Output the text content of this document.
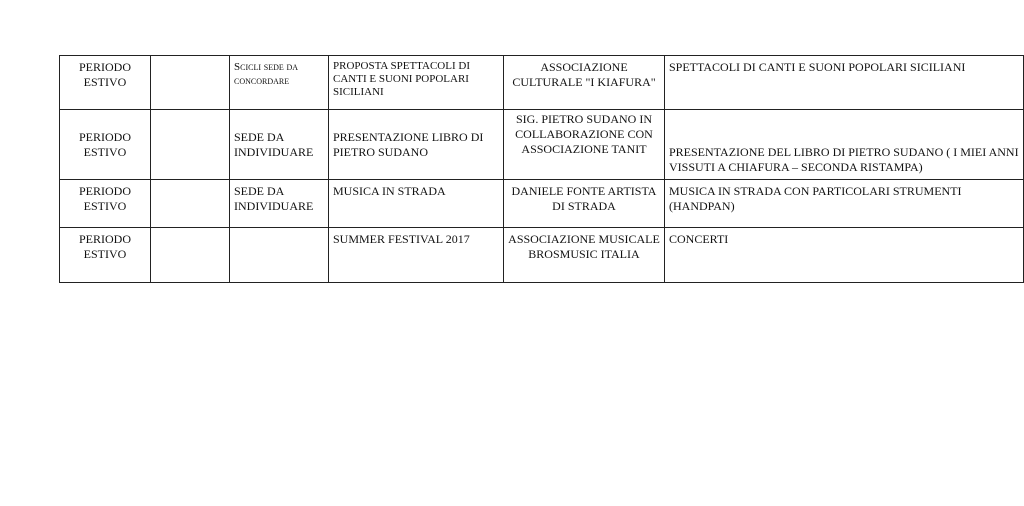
PERIODO ESTIVO		Scicli sede da concordare	PROPOSTA SPETTACOLI DI CANTI E SUONI POPOLARI SICILIANI	ASSOCIAZIONE CULTURALE "I KIAFURA"	SPETTACOLI DI CANTI E SUONI POPOLARI SICILIANI
PERIODO ESTIVO		SEDE DA INDIVIDUARE	PRESENTAZIONE LIBRO DI PIETRO SUDANO	SIG. PIETRO SUDANO IN COLLABORAZIONE CON ASSOCIAZIONE TANIT	PRESENTAZIONE DEL LIBRO DI PIETRO SUDANO ( I MIEI ANNI VISSUTI A CHIAFURA – SECONDA RISTAMPA)
PERIODO ESTIVO		SEDE DA INDIVIDUARE	MUSICA IN STRADA	DANIELE FONTE ARTISTA DI STRADA	MUSICA IN STRADA CON PARTICOLARI STRUMENTI (HANDPAN)
PERIODO ESTIVO			SUMMER FESTIVAL 2017	ASSOCIAZIONE MUSICALE BROSMUSIC ITALIA	CONCERTI
